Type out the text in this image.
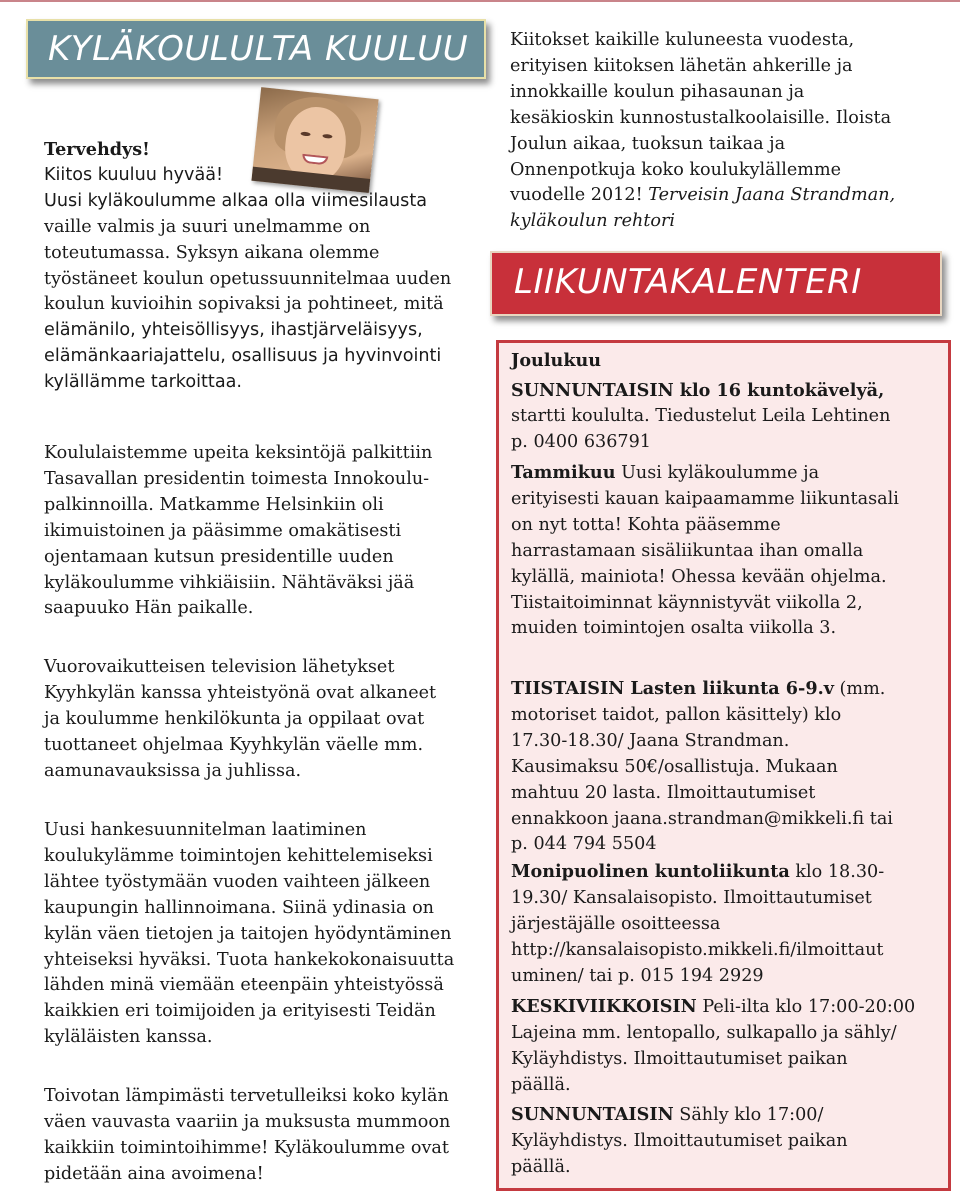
KYLÄKOULULTA KUULUU

Tervehdys!

Kiitos kuuluu hyvää!

Uusi kyläkoulumme alkaa olla viimesilausta

vaille valmis ja suuri unelmamme on

toteutumassa. Syksyn aikana olemme

työstäneet koulun opetussuunnitelmaa uuden

koulun kuvioihin sopivaksi ja pohtineet, mitä

elämänilo, yhteisöllisyys, ihastjärveläisyys,

elämänkaariajattelu, osallisuus ja hyvinvointi

kylällämme tarkoittaa.

Koululaistemme upeita keksintöjä palkittiin

Tasavallan presidentin toimesta Innokoulu-

palkinnoilla. Matkamme Helsinkiin oli

ikimuistoinen ja pääsimme omakätisesti

ojentamaan kutsun presidentille uuden

kyläkoulumme vihkiäisiin. Nähtäväksi jää

saapuuko Hän paikalle.

Vuorovaikutteisen television lähetykset

Kyyhkylän kanssa yhteistyönä ovat alkaneet

ja koulumme henkilökunta ja oppilaat ovat

tuottaneet ohjelmaa Kyyhkylän väelle mm.

aamunavauksissa ja juhlissa.

Uusi hankesuunnitelman laatiminen

koulukylämme toimintojen kehittelemiseksi

lähtee työstymään vuoden vaihteen jälkeen

kaupungin hallinnoimana. Siinä ydinasia on

kylän väen tietojen ja taitojen hyödyntäminen

yhteiseksi hyväksi. Tuota hankekokonaisuutta

lähden minä viemään eteenpäin yhteistyössä

kaikkien eri toimijoiden ja erityisesti Teidän

kyläläisten kanssa.

Toivotan lämpimästi tervetulleiksi koko kylän

väen vauvasta vaariin ja muksusta mummoon

kaikkiin toimintoihimme! Kyläkoulumme ovat

pidetään aina avoimena!

Kiitokset kaikille kuluneesta vuodesta,

erityisen kiitoksen lähetän ahkerille ja

innokkaille koulun pihasaunan ja

kesäkioskin kunnostustalkoolaisille. Iloista

Joulun aikaa, tuoksun taikaa ja

Onnenpotkuja koko koulukylällemme

vuodelle 2012! Terveisin Jaana Strandman,

kyläkoulun rehtori

LIIKUNTAKALENTERI

Joulukuu

SUNNUNTAISIN klo 16 kuntokävelyä,

startti koululta. Tiedustelut Leila Lehtinen

p. 0400 636791

Tammikuu Uusi kyläkoulumme ja

erityisesti kauan kaipaamamme liikuntasali

on nyt totta! Kohta pääsemme

harrastamaan sisäliikuntaa ihan omalla

kylällä, mainiota! Ohessa kevään ohjelma.

Tiistaitoiminnat käynnistyvät viikolla 2,

muiden toimintojen osalta viikolla 3.

TIISTAISIN Lasten liikunta 6-9.v (mm.

motoriset taidot, pallon käsittely) klo

17.30-18.30/ Jaana Strandman.

Kausimaksu 50€/osallistuja. Mukaan

mahtuu 20 lasta. Ilmoittautumiset

ennakkoon jaana.strandman@mikkeli.fi tai

p. 044 794 5504

Monipuolinen kuntoliikunta klo 18.30-

19.30/ Kansalaisopisto. Ilmoittautumiset

järjestäjälle osoitteessa

http://kansalaisopisto.mikkeli.fi/ilmoittaut

uminen/ tai p. 015 194 2929

KESKIVIIKKOISIN Peli-ilta klo 17:00-20:00

Lajeina mm. lentopallo, sulkapallo ja sähly/

Kyläyhdistys. Ilmoittautumiset paikan

päällä.

SUNNUNTAISIN Sähly klo 17:00/

Kyläyhdistys. Ilmoittautumiset paikan

päällä.
